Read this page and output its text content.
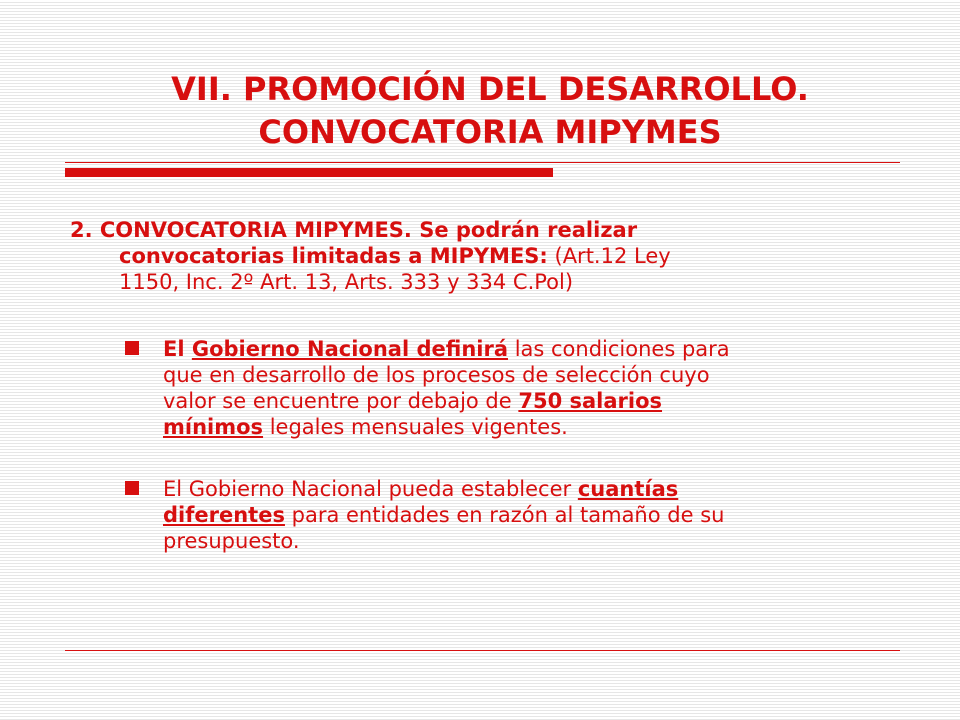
VII. PROMOCIÓN DEL DESARROLLO.
CONVOCATORIA MIPYMES
2. CONVOCATORIA MIPYMES. Se podrán realizar
convocatorias limitadas a MIPYMES: (Art.12 Ley
1150, Inc. 2º Art. 13, Arts. 333 y 334 C.Pol)
El Gobierno Nacional definirá las condiciones para
que en desarrollo de los procesos de selección cuyo
valor se encuentre por debajo de 750 salarios
mínimos legales mensuales vigentes.
El Gobierno Nacional pueda establecer cuantías
diferentes para entidades en razón al tamaño de su
presupuesto.
